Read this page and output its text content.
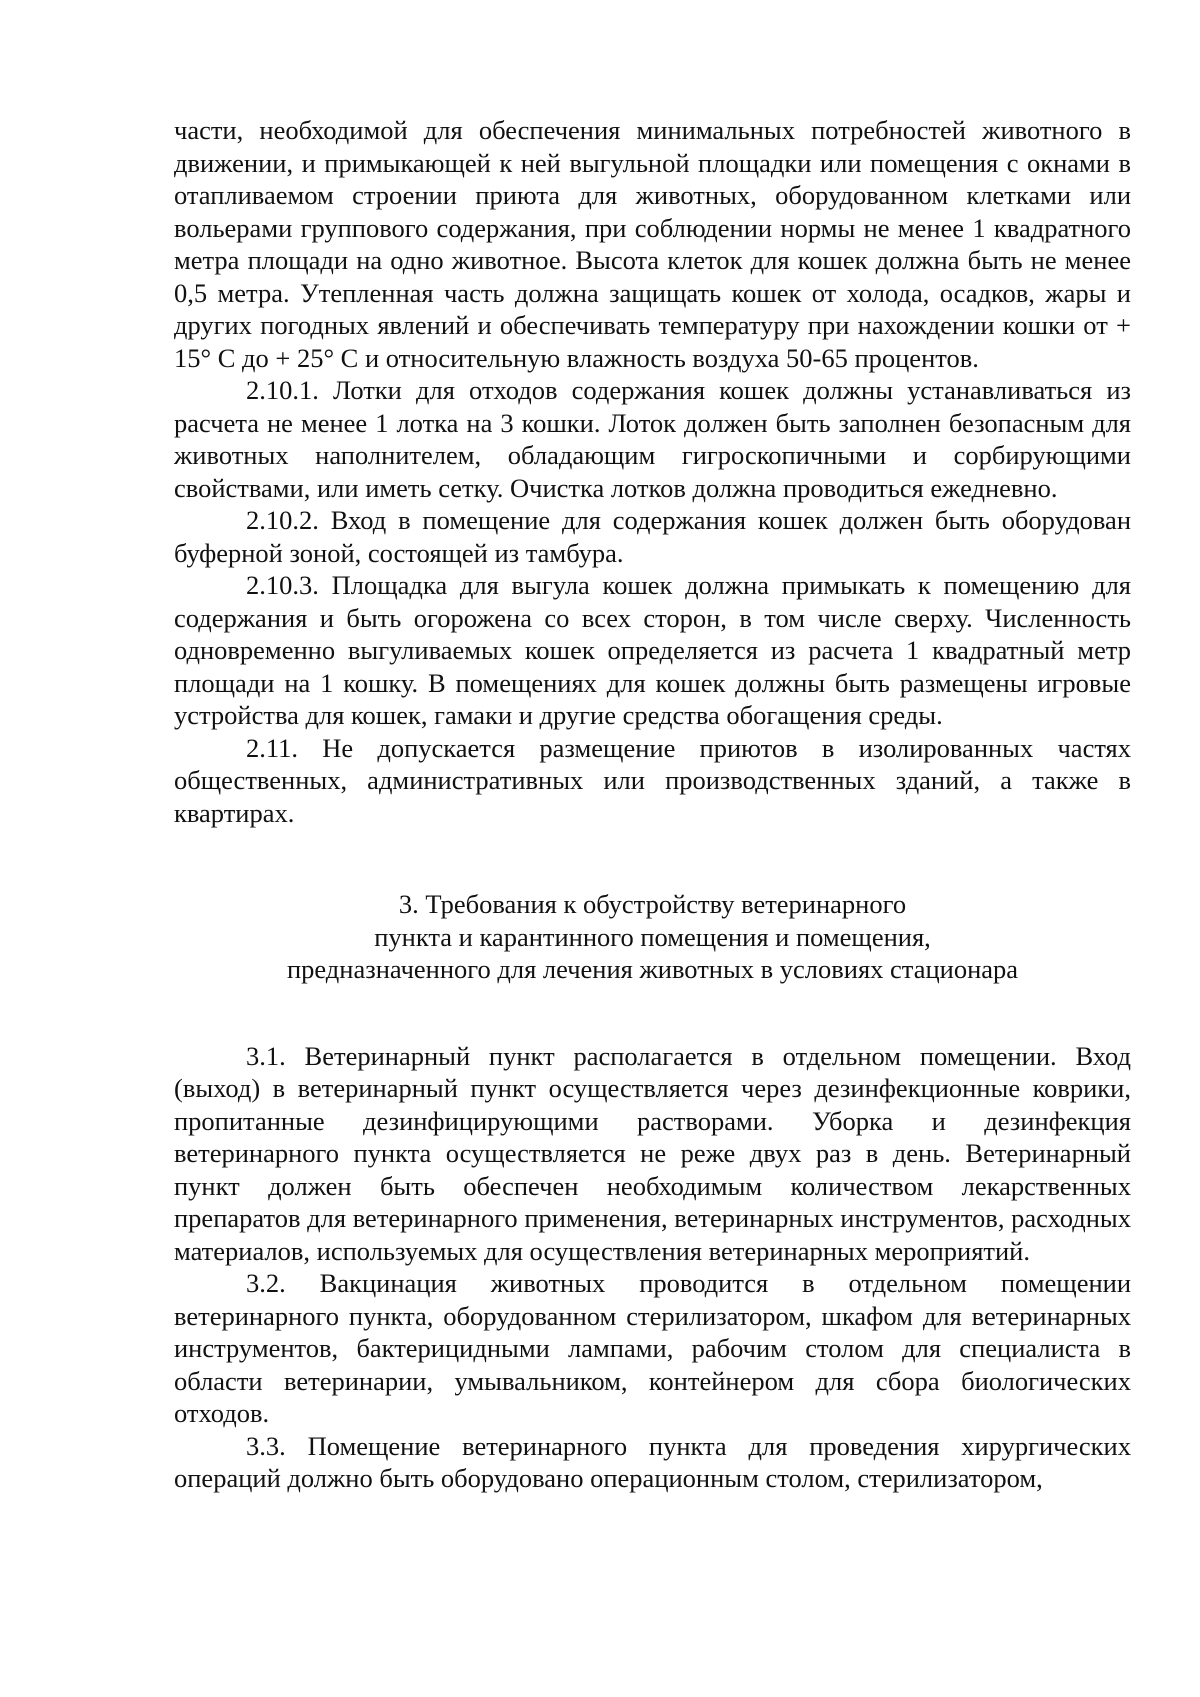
части, необходимой для обеспечения минимальных потребностей животного в движении, и примыкающей к ней выгульной площадки или помещения с окнами в отапливаемом строении приюта для животных, оборудованном клетками или вольерами группового содержания, при соблюдении нормы не менее 1 квадратного метра площади на одно животное. Высота клеток для кошек должна быть не менее 0,5 метра. Утепленная часть должна защищать кошек от холода, осадков, жары и других погодных явлений и обеспечивать температуру при нахождении кошки от + 15° С до + 25° С и относительную влажность воздуха 50-65 процентов.

2.10.1. Лотки для отходов содержания кошек должны устанавливаться из расчета не менее 1 лотка на 3 кошки. Лоток должен быть заполнен безопасным для животных наполнителем, обладающим гигроскопичными и сорбирующими свойствами, или иметь сетку. Очистка лотков должна проводиться ежедневно.

2.10.2. Вход в помещение для содержания кошек должен быть оборудован буферной зоной, состоящей из тамбура.

2.10.3. Площадка для выгула кошек должна примыкать к помещению для содержания и быть огорожена со всех сторон, в том числе сверху. Численность одновременно выгуливаемых кошек определяется из расчета 1 квадратный метр площади на 1 кошку. В помещениях для кошек должны быть размещены игровые устройства для кошек, гамаки и другие средства обогащения среды.

2.11. Не допускается размещение приютов в изолированных частях общественных, административных или производственных зданий, а также в квартирах.

3. Требования к обустройству ветеринарного
пункта и карантинного помещения и помещения,
предназначенного для лечения животных в условиях стационара

3.1. Ветеринарный пункт располагается в отдельном помещении. Вход (выход) в ветеринарный пункт осуществляется через дезинфекционные коврики, пропитанные дезинфицирующими растворами. Уборка и дезинфекция ветеринарного пункта осуществляется не реже двух раз в день. Ветеринарный пункт должен быть обеспечен необходимым количеством лекарственных препаратов для ветеринарного применения, ветеринарных инструментов, расходных материалов, используемых для осуществления ветеринарных мероприятий.

3.2. Вакцинация животных проводится в отдельном помещении ветеринарного пункта, оборудованном стерилизатором, шкафом для ветеринарных инструментов, бактерицидными лампами, рабочим столом для специалиста в области ветеринарии, умывальником, контейнером для сбора биологических отходов.

3.3. Помещение ветеринарного пункта для проведения хирургических операций должно быть оборудовано операционным столом, стерилизатором,
